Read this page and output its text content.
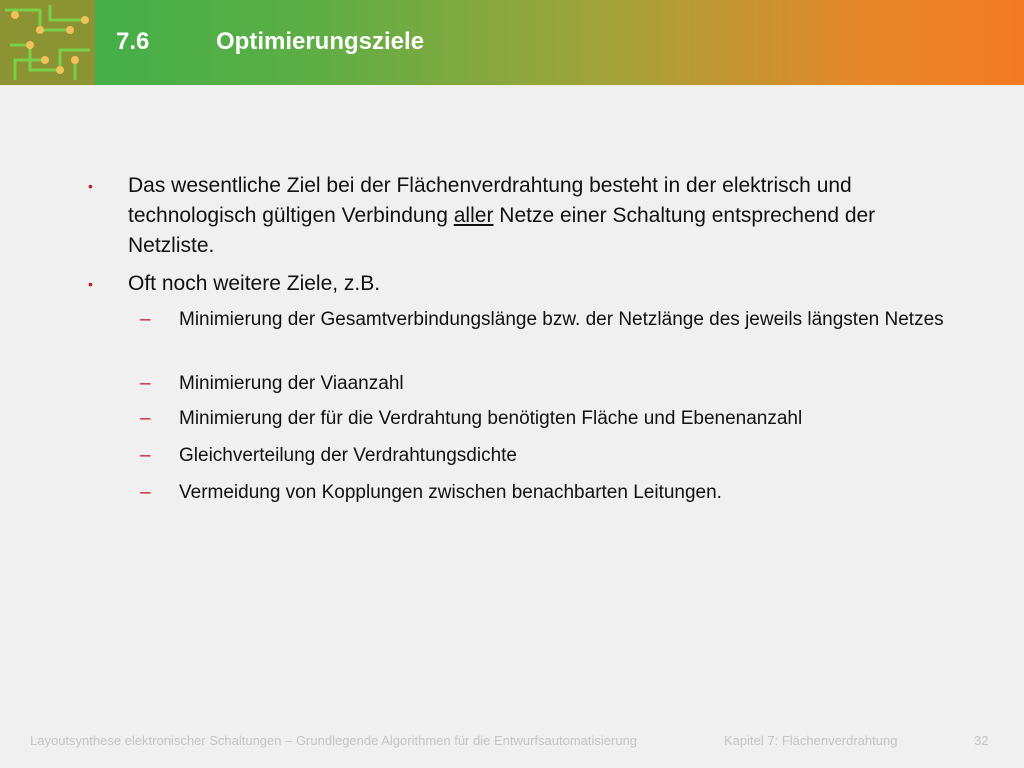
7.6	Optimierungsziele
•	Das wesentliche Ziel bei der Flächenverdrahtung besteht in der elektrisch und technologisch gültigen Verbindung aller Netze einer Schaltung entsprechend der Netzliste.
•	Oft noch weitere Ziele, z.B.
– Minimierung der Gesamtverbindungslänge bzw. der Netzlänge des jeweils längsten Netzes
– Minimierung der Viaanzahl
– Minimierung der für die Verdrahtung benötigten Fläche und Ebenenanzahl
– Gleichverteilung der Verdrahtungsdichte
– Vermeidung von Kopplungen zwischen benachbarten Leitungen.
Layoutsynthese elektronischer Schaltungen – Grundlegende Algorithmen für die Entwurfsautomatisierung	Kapitel 7: Flächenverdrahtung	32
